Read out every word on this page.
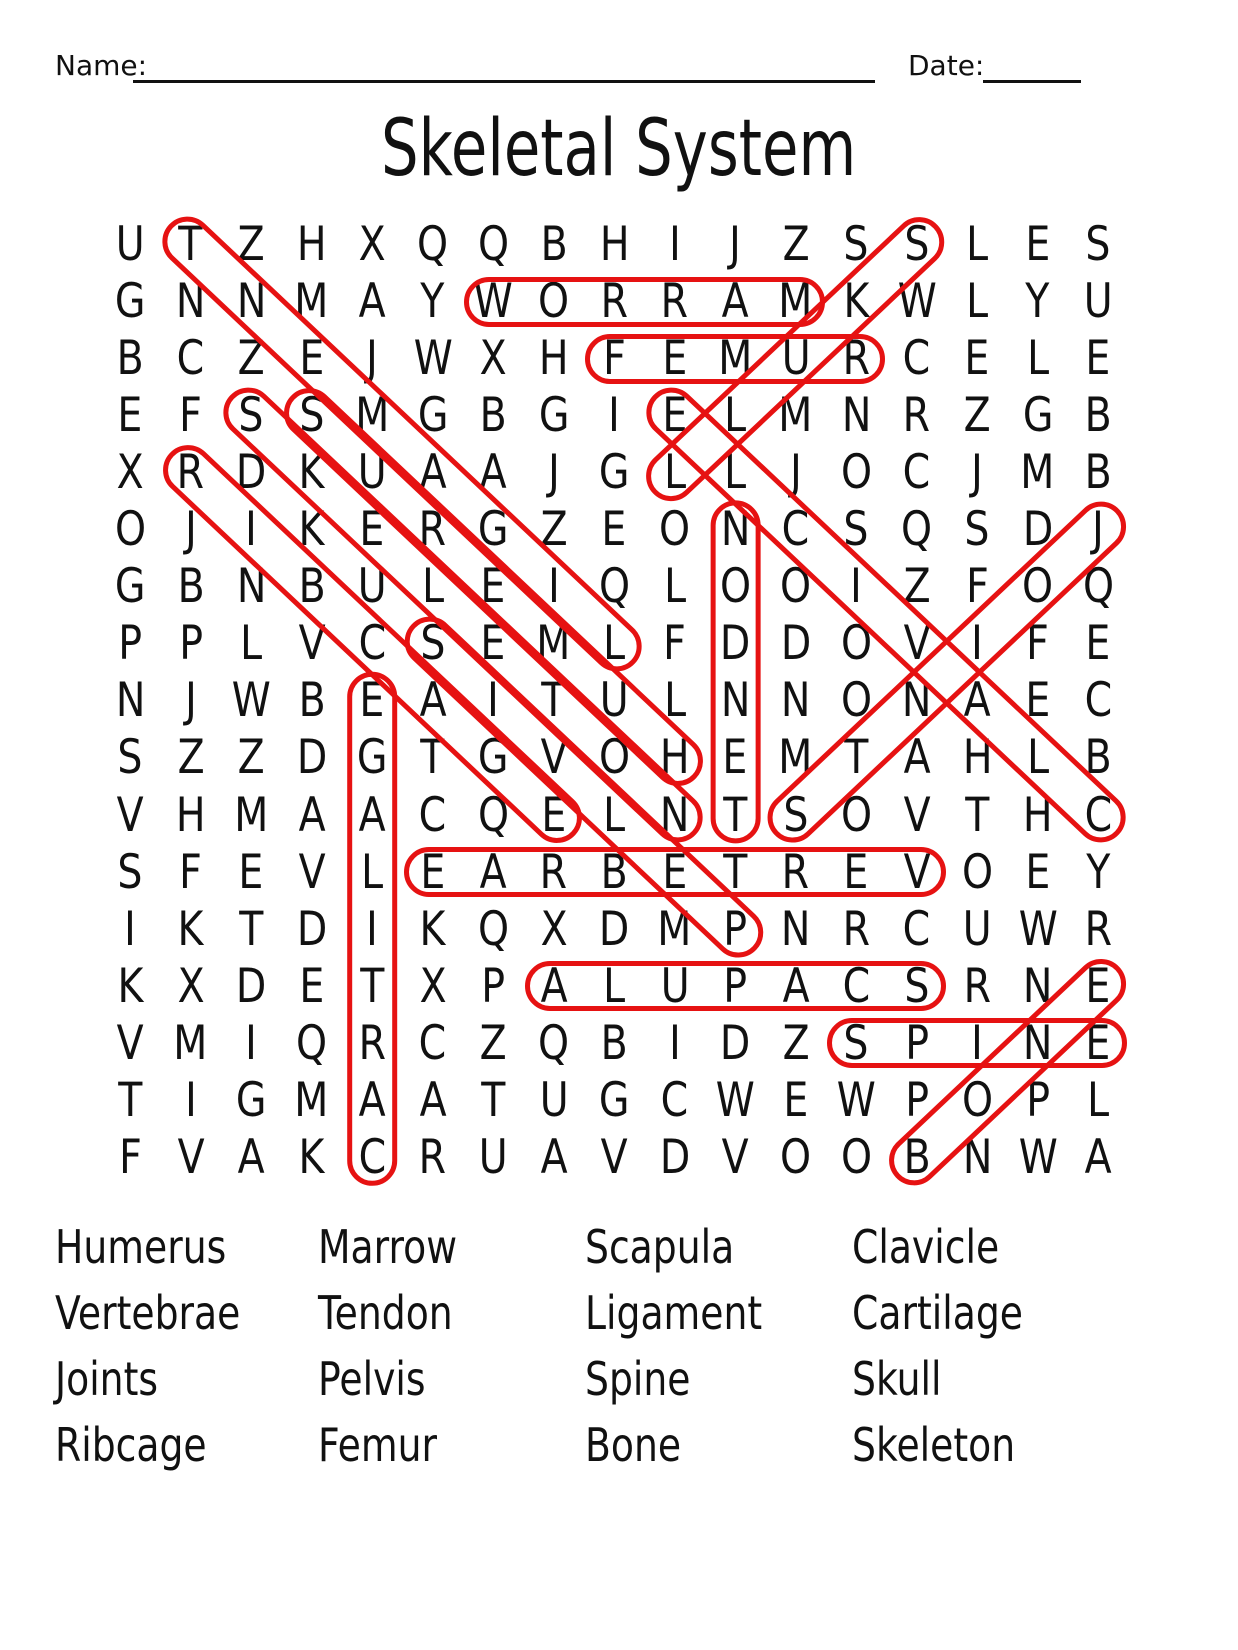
Name:	Date:
Skeletal System
U T Z H X Q Q B H I J Z S S L E S
G N N M A Y W O R R A M K W L Y U
B C Z E J W X H F E M U R C E L E
E F S S M G B G I E L M N R Z G B
X R D K U A A J G L L J O C J M B
O J I K E R G Z E O N C S Q S D J
G B N B U L E I Q L O O I Z F O Q
P P L V C S E M L F D D O V I F E
N J W B E A I T U L N N O N A E C
S Z Z D G T G V O H E M T A H L B
V H M A A C Q E L N T S O V T H C
S F E V L E A R B E T R E V O E Y
I K T D I K Q X D M P N R C U W R
K X D E T X P A L U P A C S R N E
V M I Q R C Z Q B I D Z S P I N E
T I G M A A T U G C W E W P O P L
F V A K C R U A V D V O O B N W A
Humerus	Marrow	Scapula	Clavicle
Vertebrae	Tendon	Ligament	Cartilage
Joints	Pelvis	Spine	Skull
Ribcage	Femur	Bone	Skeleton
